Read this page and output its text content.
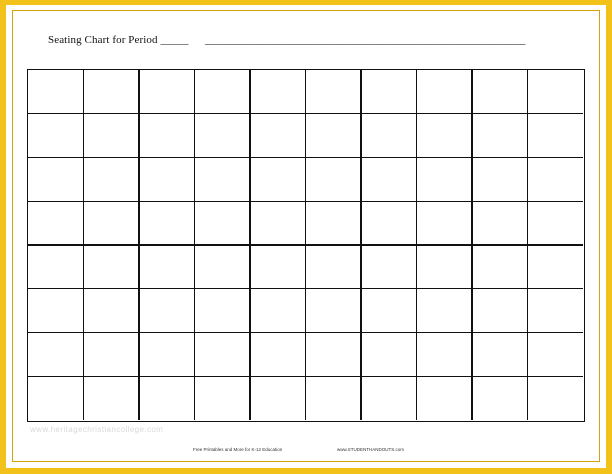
Seating Chart for Period _____ _____________________________________________________________
www.heritagechristiancollege.com
Free Printables and More for K-12 Education	www.STUDENTHANDOUTS.com
